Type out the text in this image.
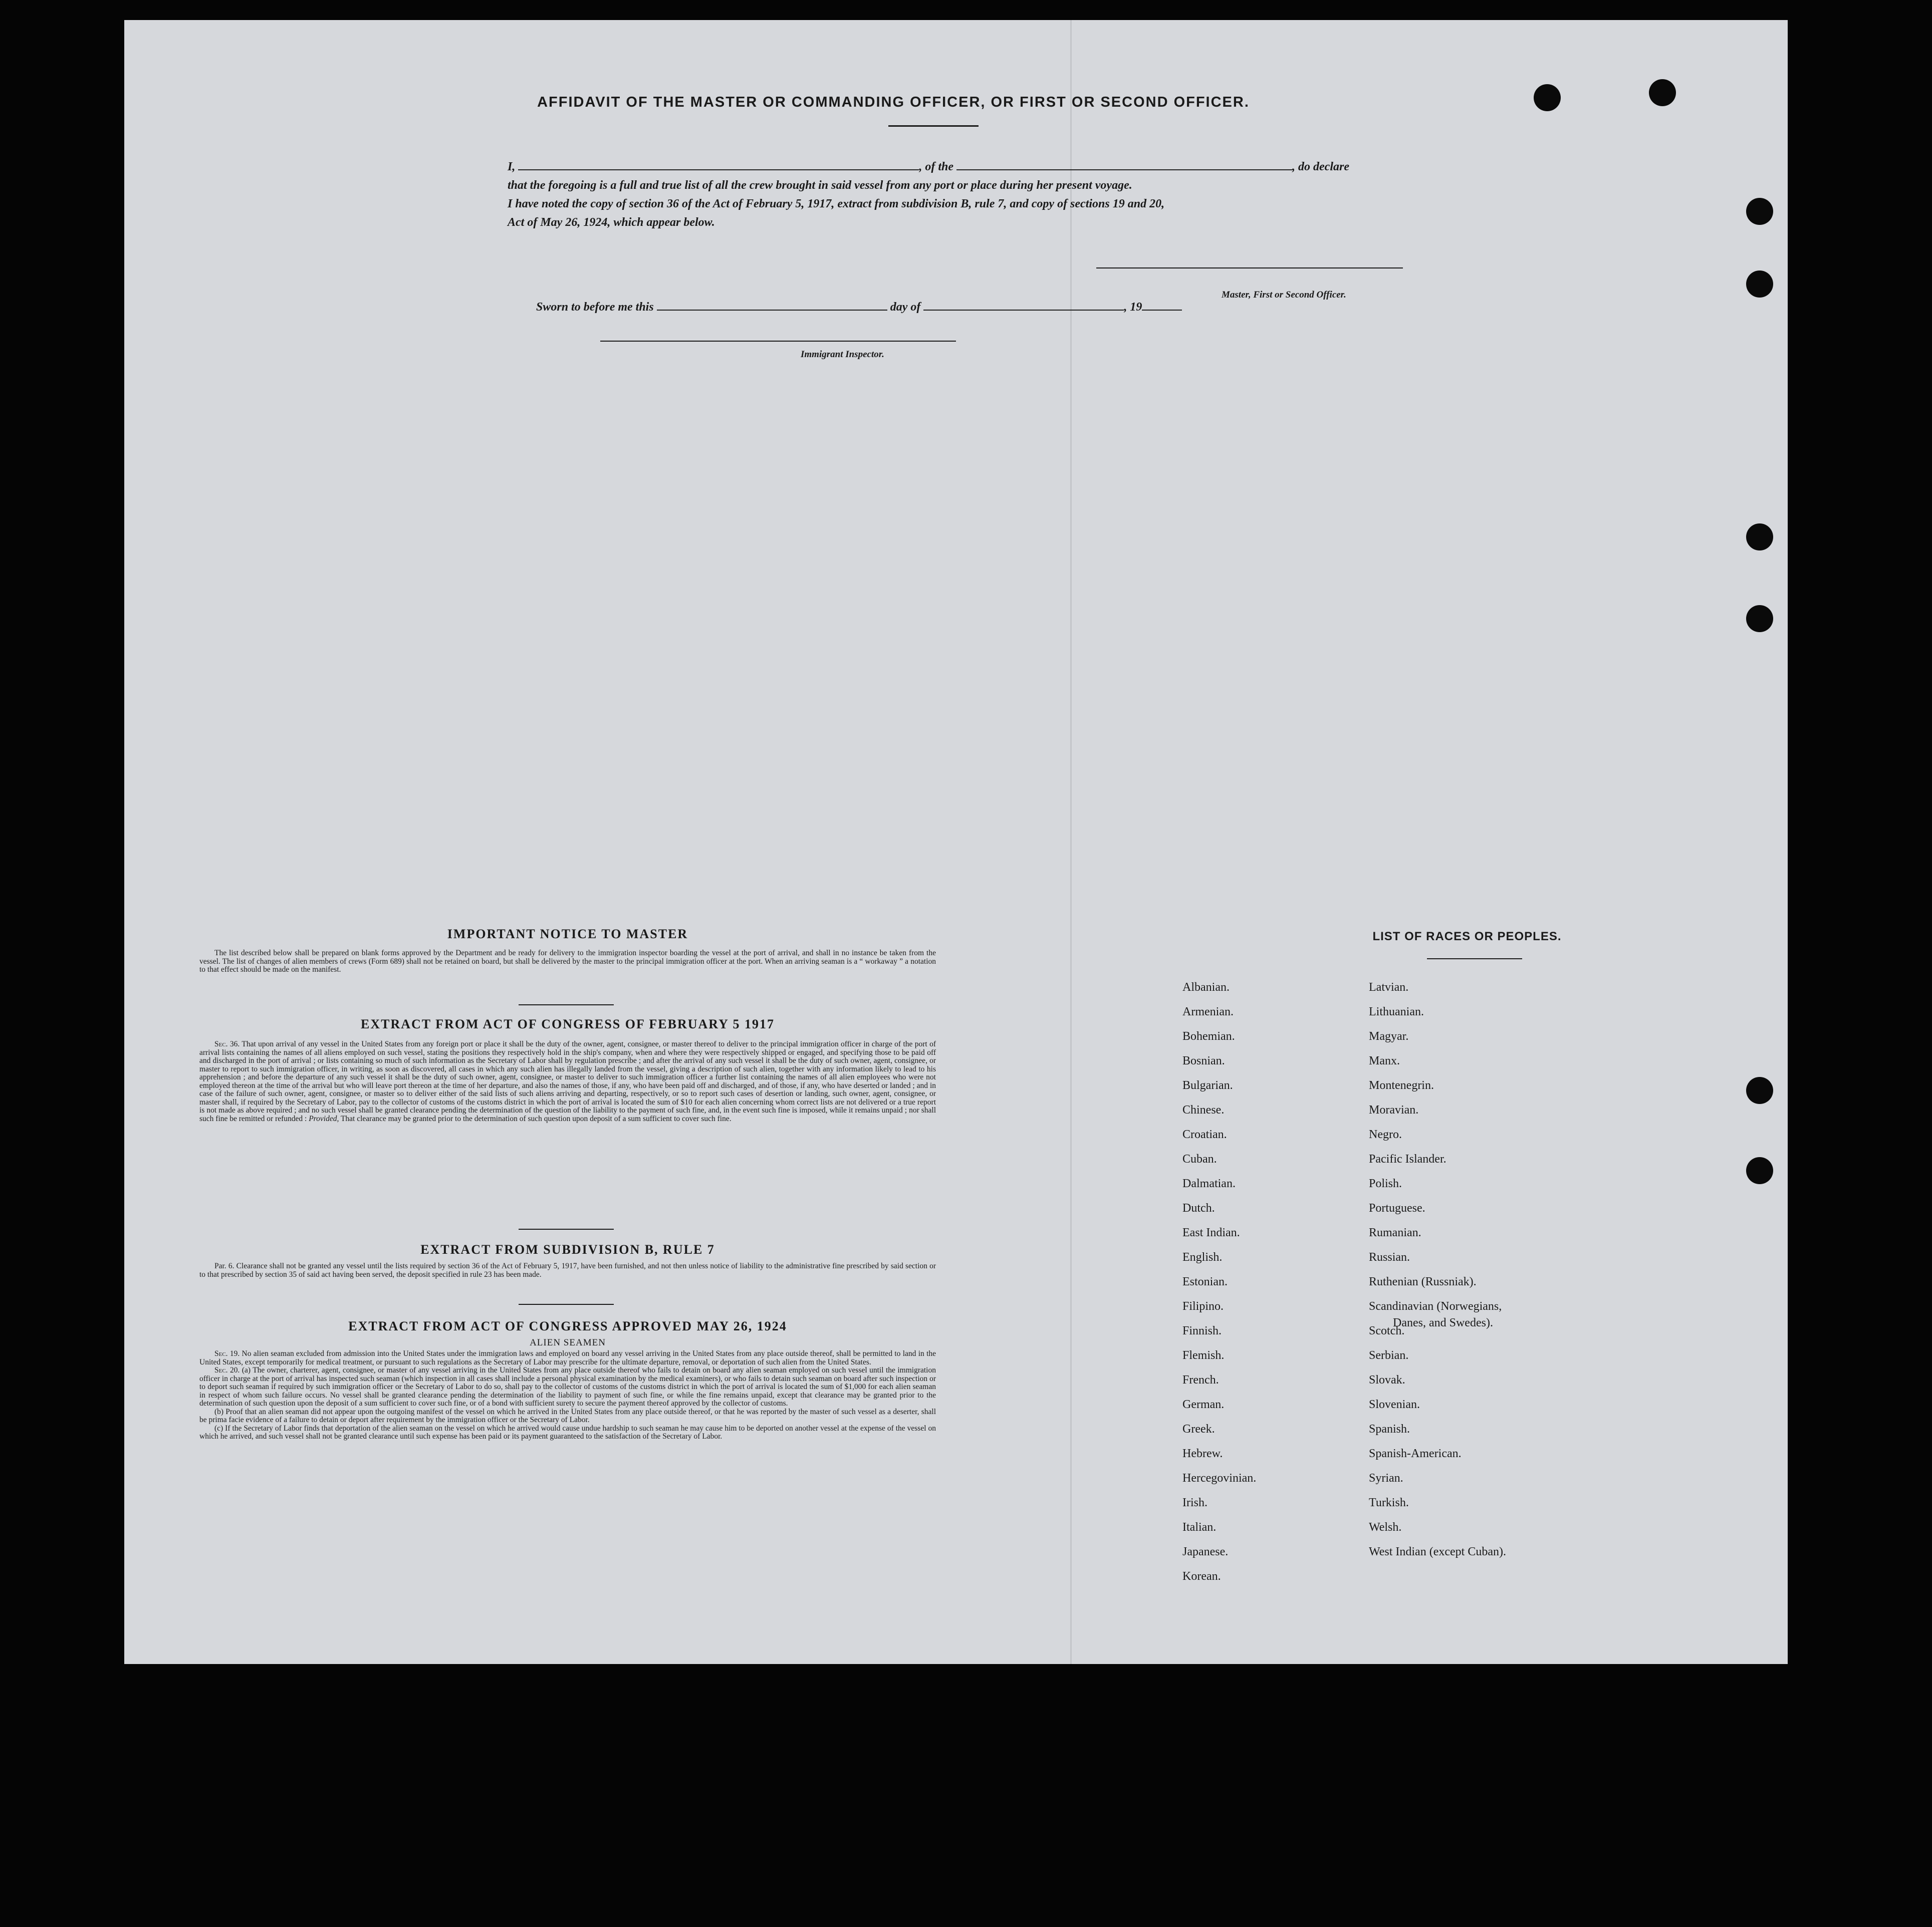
AFFIDAVIT OF THE MASTER OR COMMANDING OFFICER, OR FIRST OR SECOND OFFICER.
I,	, of the	, do declare
that the foregoing is a full and true list of all the crew brought in said vessel from any port or place during her present voyage.
I have noted the copy of section 36 of the Act of February 5, 1917, extract from subdivision B, rule 7, and copy of sections 19 and 20,
Act of May 26, 1924, which appear below.
Master, First or Second Officer.
Sworn to before me this	day of	, 19
Immigrant Inspector.
IMPORTANT NOTICE TO MASTER

The list described below shall be prepared on blank forms approved by the Department and be ready for delivery to the immigration inspector boarding the vessel at the port of arrival, and shall in no instance be taken from the vessel. The list of changes of alien members of crews (Form 689) shall not be retained on board, but shall be delivered by the master to the principal immigration officer at the port. When an arriving seaman is a “ workaway ” a notation to that effect should be made on the manifest.

EXTRACT FROM ACT OF CONGRESS OF FEBRUARY 5 1917

Sec. 36. That upon arrival of any vessel in the United States from any foreign port or place it shall be the duty of the owner, agent, consignee, or master thereof to deliver to the principal immigration officer in charge of the port of arrival lists containing the names of all aliens employed on such vessel, stating the positions they respectively hold in the ship's company, when and where they were respectively shipped or engaged, and specifying those to be paid off and discharged in the port of arrival ; or lists containing so much of such information as the Secretary of Labor shall by regulation prescribe ; and after the arrival of any such vessel it shall be the duty of such owner, agent, consignee, or master to report to such immigration officer, in writing, as soon as discovered, all cases in which any such alien has illegally landed from the vessel, giving a description of such alien, together with any information likely to lead to his apprehension ; and before the departure of any such vessel it shall be the duty of such owner, agent, consignee, or master to deliver to such immigration officer a further list containing the names of all alien employees who were not employed thereon at the time of the arrival but who will leave port thereon at the time of her departure, and also the names of those, if any, who have been paid off and discharged, and of those, if any, who have deserted or landed ; and in case of the failure of such owner, agent, consignee, or master so to deliver either of the said lists of such aliens arriving and departing, respectively, or so to report such cases of desertion or landing, such owner, agent, consignee, or master shall, if required by the Secretary of Labor, pay to the collector of customs of the customs district in which the port of arrival is located the sum of $10 for each alien concerning whom correct lists are not delivered or a true report is not made as above required ; and no such vessel shall be granted clearance pending the determination of the question of the liability to the payment of such fine, and, in the event such fine is imposed, while it remains unpaid ; nor shall such fine be remitted or refunded : Provided, That clearance may be granted prior to the determination of such question upon deposit of a sum sufficient to cover such fine.

EXTRACT FROM SUBDIVISION B, RULE 7

Par. 6. Clearance shall not be granted any vessel until the lists required by section 36 of the Act of February 5, 1917, have been furnished, and not then unless notice of liability to the administrative fine prescribed by said section or to that prescribed by section 35 of said act having been served, the deposit specified in rule 23 has been made.

EXTRACT FROM ACT OF CONGRESS APPROVED MAY 26, 1924
ALIEN SEAMEN

Sec. 19. No alien seaman excluded from admission into the United States under the immigration laws and employed on board any vessel arriving in the United States from any place outside thereof, shall be permitted to land in the United States, except temporarily for medical treatment, or pursuant to such regulations as the Secretary of Labor may prescribe for the ultimate departure, removal, or deportation of such alien from the United States.

Sec. 20. (a) The owner, charterer, agent, consignee, or master of any vessel arriving in the United States from any place outside thereof who fails to detain on board any alien seaman employed on such vessel until the immigration officer in charge at the port of arrival has inspected such seaman (which inspection in all cases shall include a personal physical examination by the medical examiners), or who fails to detain such seaman on board after such inspection or to deport such seaman if required by such immigration officer or the Secretary of Labor to do so, shall pay to the collector of customs of the customs district in which the port of arrival is located the sum of $1,000 for each alien seaman in respect of whom such failure occurs. No vessel shall be granted clearance pending the determination of the liability to payment of such fine, or while the fine remains unpaid, except that clearance may be granted prior to the determination of such question upon the deposit of a sum sufficient to cover such fine, or of a bond with sufficient surety to secure the payment thereof approved by the collector of customs.

(b) Proof that an alien seaman did not appear upon the outgoing manifest of the vessel on which he arrived in the United States from any place outside thereof, or that he was reported by the master of such vessel as a deserter, shall be prima facie evidence of a failure to detain or deport after requirement by the immigration officer or the Secretary of Labor.

(c) If the Secretary of Labor finds that deportation of the alien seaman on the vessel on which he arrived would cause undue hardship to such seaman he may cause him to be deported on another vessel at the expense of the vessel on which he arrived, and such vessel shall not be granted clearance until such expense has been paid or its payment guaranteed to the satisfaction of the Secretary of Labor.

LIST OF RACES OR PEOPLES.
Albanian.
Armenian.
Bohemian.
Bosnian.
Bulgarian.
Chinese.
Croatian.
Cuban.
Dalmatian.
Dutch.
East Indian.
English.
Estonian.
Filipino.
Finnish.
Flemish.
French.
German.
Greek.
Hebrew.
Hercegovinian.
Irish.
Italian.
Japanese.
Korean.
Latvian.
Lithuanian.
Magyar.
Manx.
Montenegrin.
Moravian.
Negro.
Pacific Islander.
Polish.
Portuguese.
Rumanian.
Russian.
Ruthenian (Russniak).
Scandinavian (Norwegians,
Danes, and Swedes).
Scotch.
Serbian.
Slovak.
Slovenian.
Spanish.
Spanish-American.
Syrian.
Turkish.
Welsh.
West Indian (except Cuban).
